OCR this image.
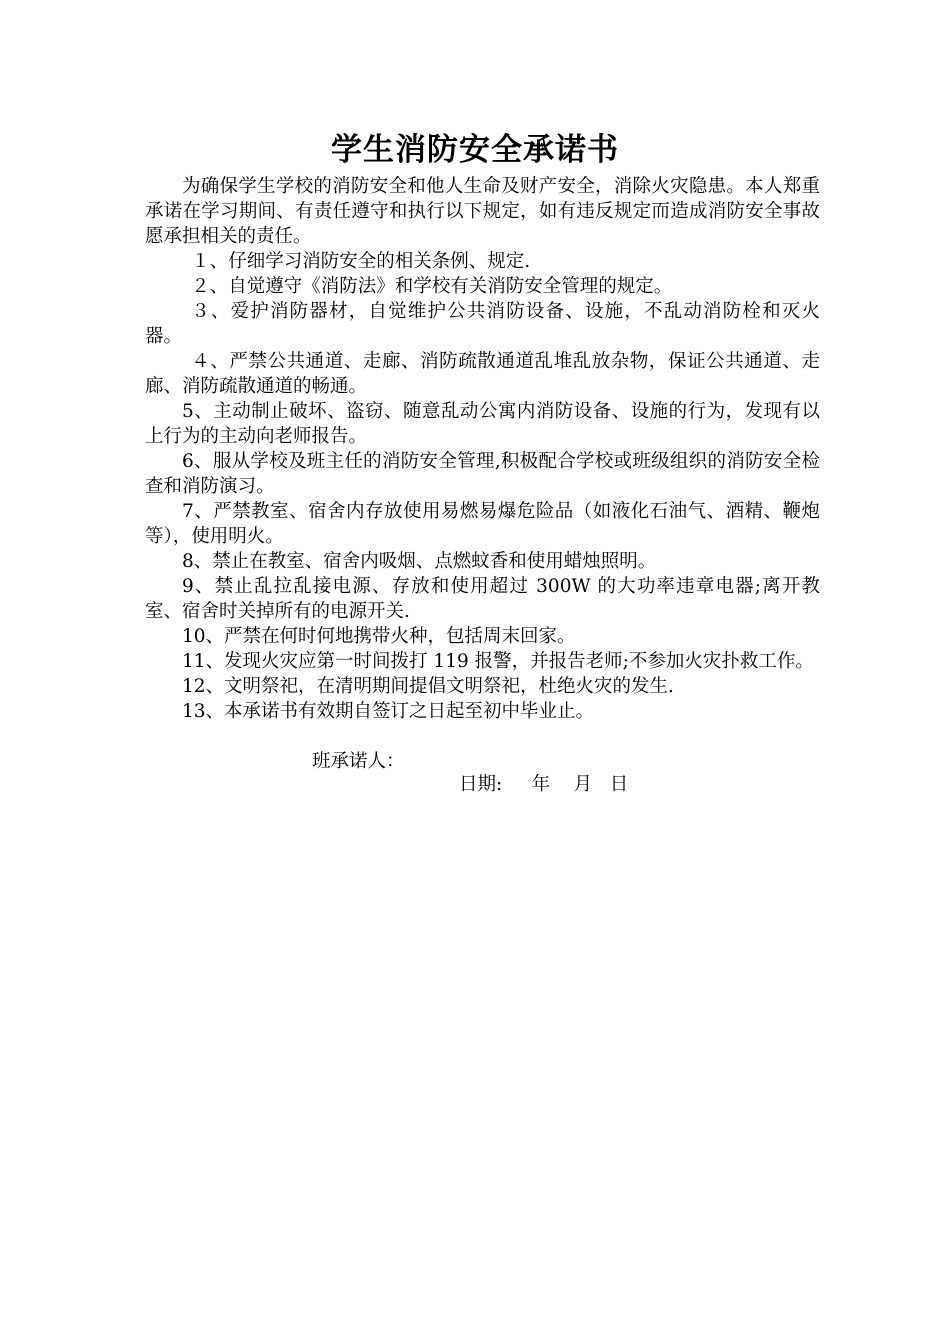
学生消防安全承诺书

为确保学生学校的消防安全和他人生命及财产安全，消除火灾隐患。本人郑重承诺在学习期间、有责任遵守和执行以下规定，如有违反规定而造成消防安全事故愿承担相关的责任。

１、仔细学习消防安全的相关条例、规定.

２、自觉遵守《消防法》和学校有关消防安全管理的规定。

３、爱护消防器材，自觉维护公共消防设备、设施，不乱动消防栓和灭火器。

４、严禁公共通道、走廊、消防疏散通道乱堆乱放杂物，保证公共通道、走廊、消防疏散通道的畅通。

5、主动制止破坏、盗窃、随意乱动公寓内消防设备、设施的行为，发现有以上行为的主动向老师报告。

6、服从学校及班主任的消防安全管理,积极配合学校或班级组织的消防安全检查和消防演习。

7、严禁教室、宿舍内存放使用易燃易爆危险品（如液化石油气、酒精、鞭炮等），使用明火。

8、禁止在教室、宿舍内吸烟、点燃蚊香和使用蜡烛照明。

9、禁止乱拉乱接电源、存放和使用超过 300W 的大功率违章电器;离开教室、宿舍时关掉所有的电源开关.

10、严禁在何时何地携带火种，包括周末回家。

11、发现火灾应第一时间拨打 119 报警，并报告老师;不参加火灾扑救工作。

12、文明祭祀，在清明期间提倡文明祭祀，杜绝火灾的发生.

13、本承诺书有效期自签订之日起至初中毕业止。

班承诺人：
日期:     年    月   日
